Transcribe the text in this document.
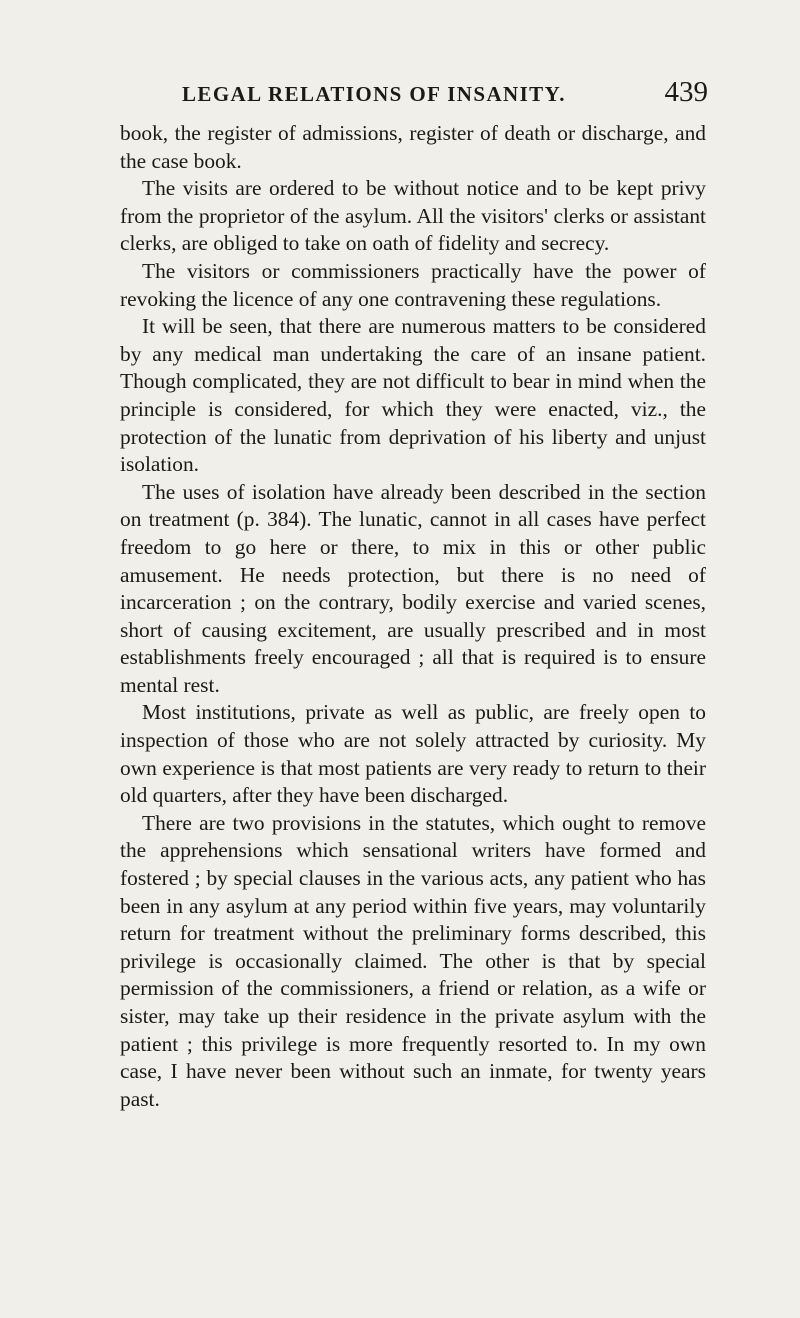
LEGAL RELATIONS OF INSANITY.	439

book, the register of admissions, register of death or discharge, and the case book.

The visits are ordered to be without notice and to be kept privy from the proprietor of the asylum. All the visitors' clerks or assistant clerks, are obliged to take on oath of fidelity and secrecy.

The visitors or commissioners practically have the power of revoking the licence of any one contravening these regulations.

It will be seen, that there are numerous matters to be considered by any medical man undertaking the care of an insane patient. Though complicated, they are not difficult to bear in mind when the principle is considered, for which they were enacted, viz., the protection of the lunatic from deprivation of his liberty and unjust isolation.

The uses of isolation have already been described in the section on treatment (p. 384). The lunatic, cannot in all cases have perfect freedom to go here or there, to mix in this or other public amusement. He needs protection, but there is no need of incarceration ; on the contrary, bodily exercise and varied scenes, short of causing excitement, are usually prescribed and in most establishments freely encouraged ; all that is required is to ensure mental rest.

Most institutions, private as well as public, are freely open to inspection of those who are not solely attracted by curiosity. My own experience is that most patients are very ready to return to their old quarters, after they have been discharged.

There are two provisions in the statutes, which ought to remove the apprehensions which sensational writers have formed and fostered ; by special clauses in the various acts, any patient who has been in any asylum at any period within five years, may voluntarily return for treatment without the preliminary forms described, this privilege is occasionally claimed. The other is that by special permission of the commissioners, a friend or relation, as a wife or sister, may take up their residence in the private asylum with the patient ; this privilege is more frequently resorted to. In my own case, I have never been without such an inmate, for twenty years past.
